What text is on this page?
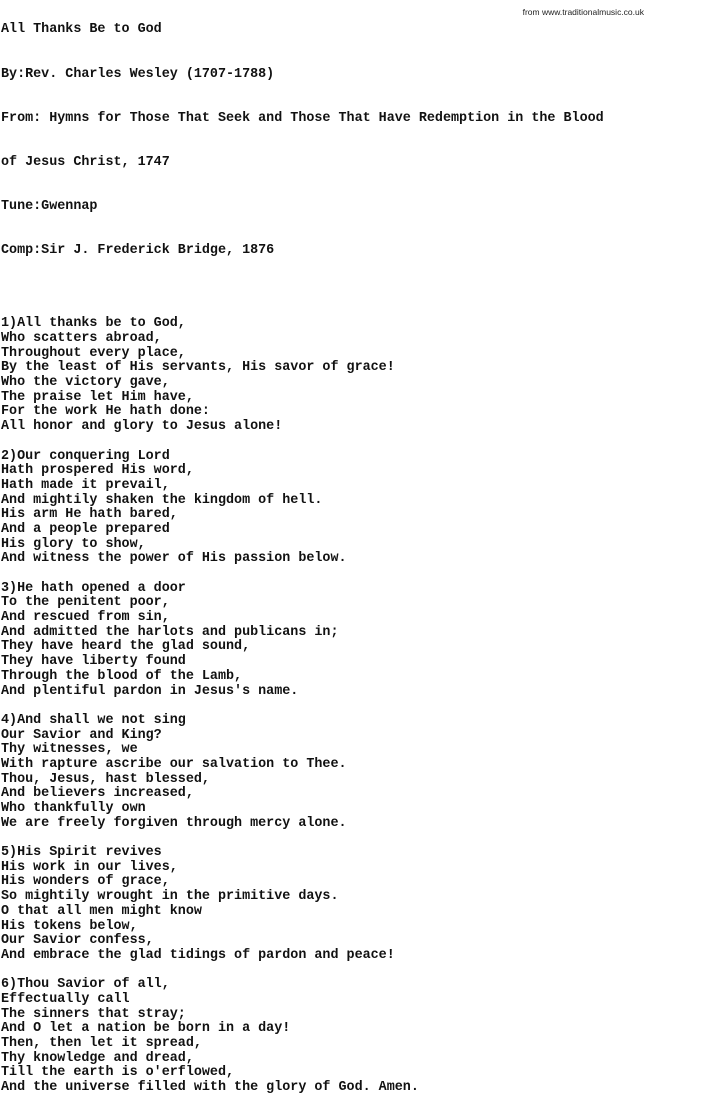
from www.traditionalmusic.co.uk

All Thanks Be to God

By:Rev. Charles Wesley (1707-1788)

From: Hymns for Those That Seek and Those That Have Redemption in the Blood

of Jesus Christ, 1747

Tune:Gwennap

Comp:Sir J. Frederick Bridge, 1876

1)All thanks be to God,
Who scatters abroad,
Throughout every place,
By the least of His servants, His savor of grace!
Who the victory gave,
The praise let Him have,
For the work He hath done:
All honor and glory to Jesus alone!
2)Our conquering Lord
Hath prospered His word,
Hath made it prevail,
And mightily shaken the kingdom of hell.
His arm He hath bared,
And a people prepared
His glory to show,
And witness the power of His passion below.
3)He hath opened a door
To the penitent poor,
And rescued from sin,
And admitted the harlots and publicans in;
They have heard the glad sound,
They have liberty found
Through the blood of the Lamb,
And plentiful pardon in Jesus's name.
4)And shall we not sing
Our Savior and King?
Thy witnesses, we
With rapture ascribe our salvation to Thee.
Thou, Jesus, hast blessed,
And believers increased,
Who thankfully own
We are freely forgiven through mercy alone.
5)His Spirit revives
His work in our lives,
His wonders of grace,
So mightily wrought in the primitive days.
O that all men might know
His tokens below,
Our Savior confess,
And embrace the glad tidings of pardon and peace!
6)Thou Savior of all,
Effectually call
The sinners that stray;
And O let a nation be born in a day!
Then, then let it spread,
Thy knowledge and dread,
Till the earth is o'erflowed,
And the universe filled with the glory of God. Amen.
